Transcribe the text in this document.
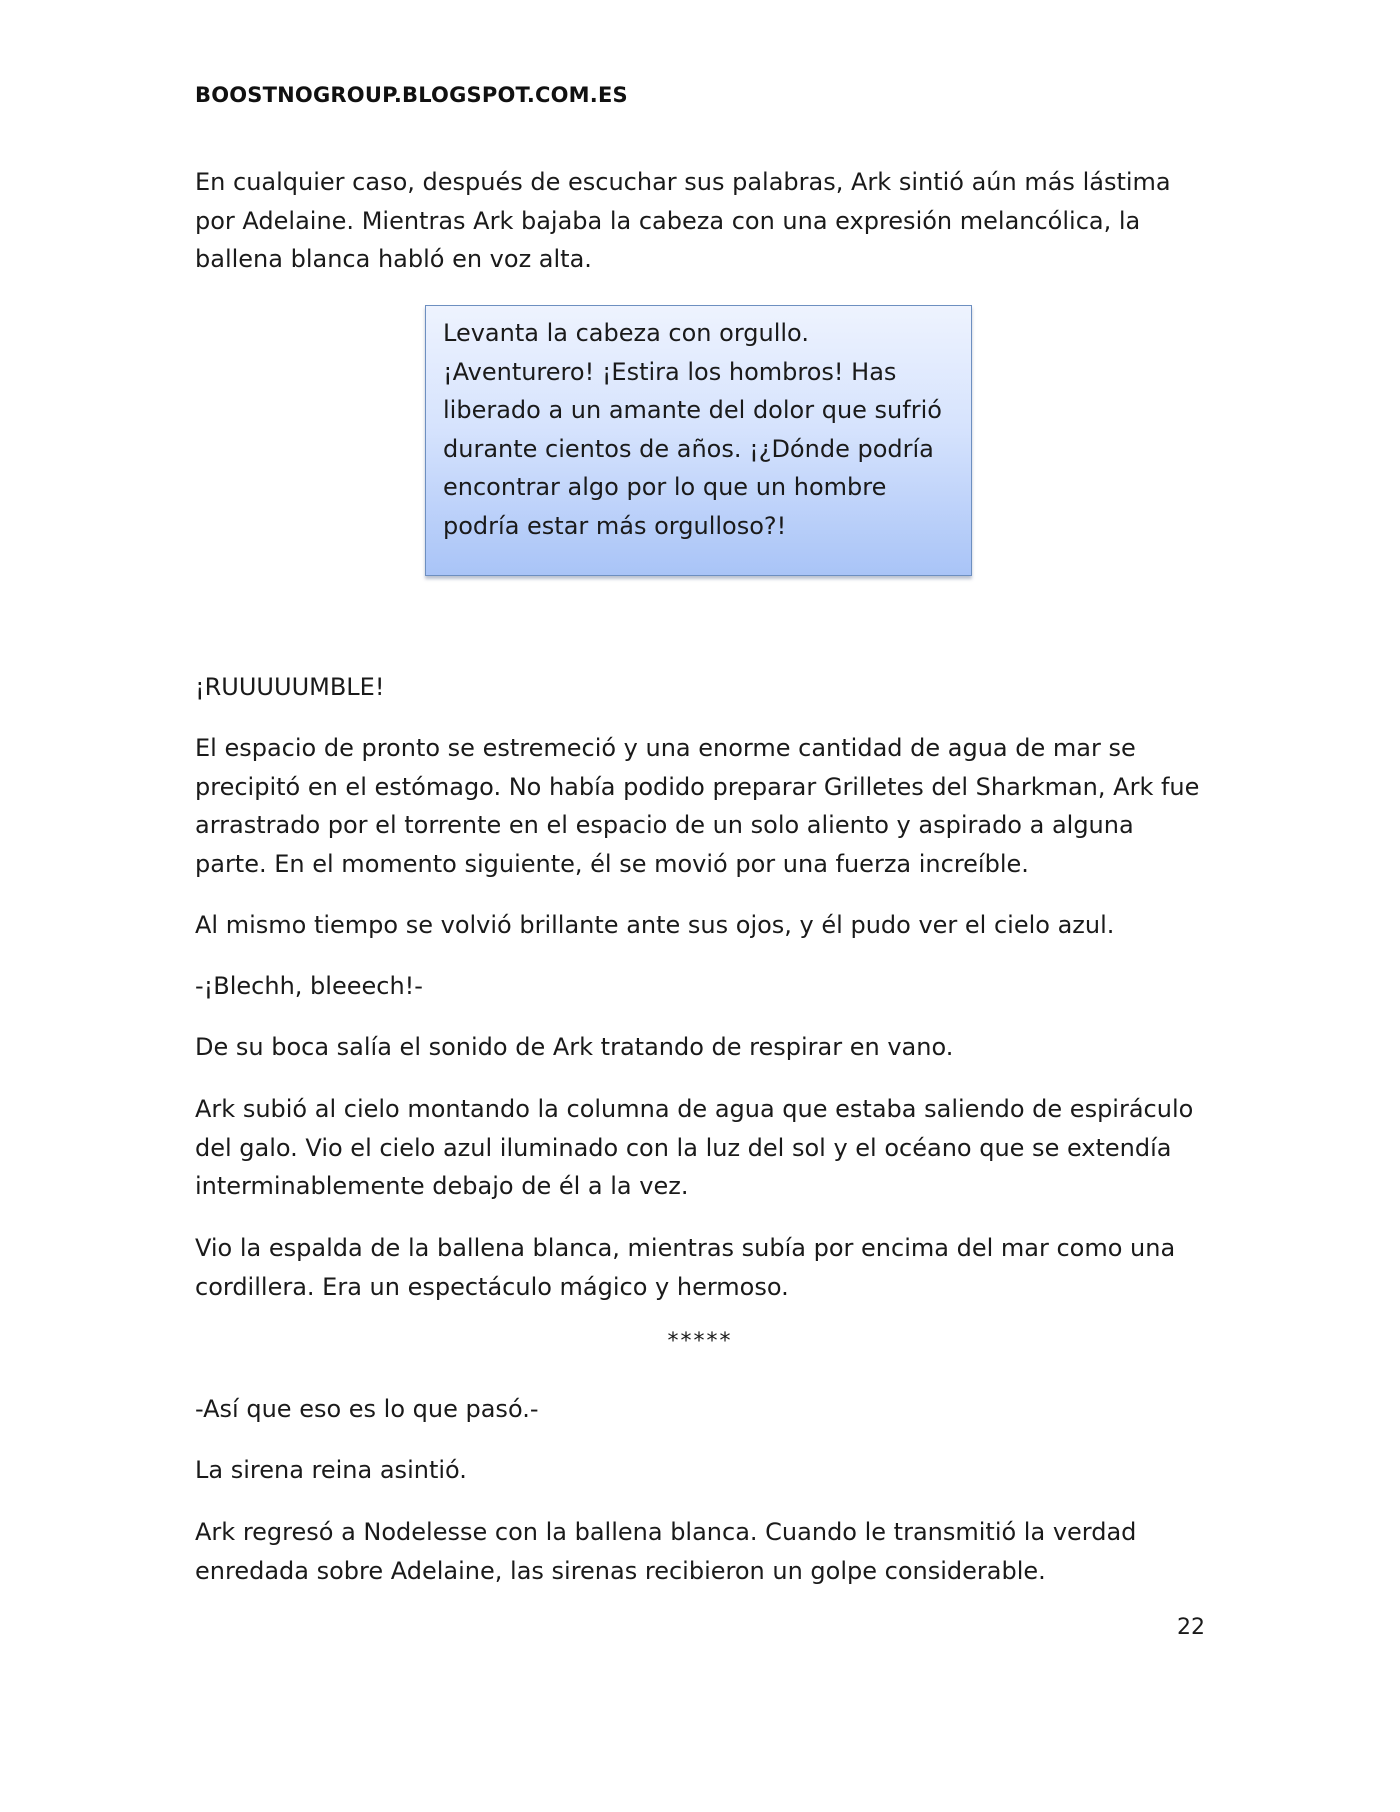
BOOSTNOGROUP.BLOGSPOT.COM.ES

En cualquier caso, después de escuchar sus palabras, Ark sintió aún más lástima por Adelaine. Mientras Ark bajaba la cabeza con una expresión melancólica, la ballena blanca habló en voz alta.

Levanta la cabeza con orgullo. ¡Aventurero! ¡Estira los hombros! Has liberado a un amante del dolor que sufrió durante cientos de años. ¡¿Dónde podría encontrar algo por lo que un hombre podría estar más orgulloso?!

¡RUUUUUMBLE!

El espacio de pronto se estremeció y una enorme cantidad de agua de mar se precipitó en el estómago. No había podido preparar Grilletes del Sharkman, Ark fue arrastrado por el torrente en el espacio de un solo aliento y aspirado a alguna parte. En el momento siguiente, él se movió por una fuerza increíble.

Al mismo tiempo se volvió brillante ante sus ojos, y él pudo ver el cielo azul.

-¡Blechh, bleeech!-

De su boca salía el sonido de Ark tratando de respirar en vano.

Ark subió al cielo montando la columna de agua que estaba saliendo de espiráculo del galo. Vio el cielo azul iluminado con la luz del sol y el océano que se extendía interminablemente debajo de él a la vez.

Vio la espalda de la ballena blanca, mientras subía por encima del mar como una cordillera. Era un espectáculo mágico y hermoso.

*****

-Así que eso es lo que pasó.-

La sirena reina asintió.

Ark regresó a Nodelesse con la ballena blanca. Cuando le transmitió la verdad enredada sobre Adelaine, las sirenas recibieron un golpe considerable.

22
